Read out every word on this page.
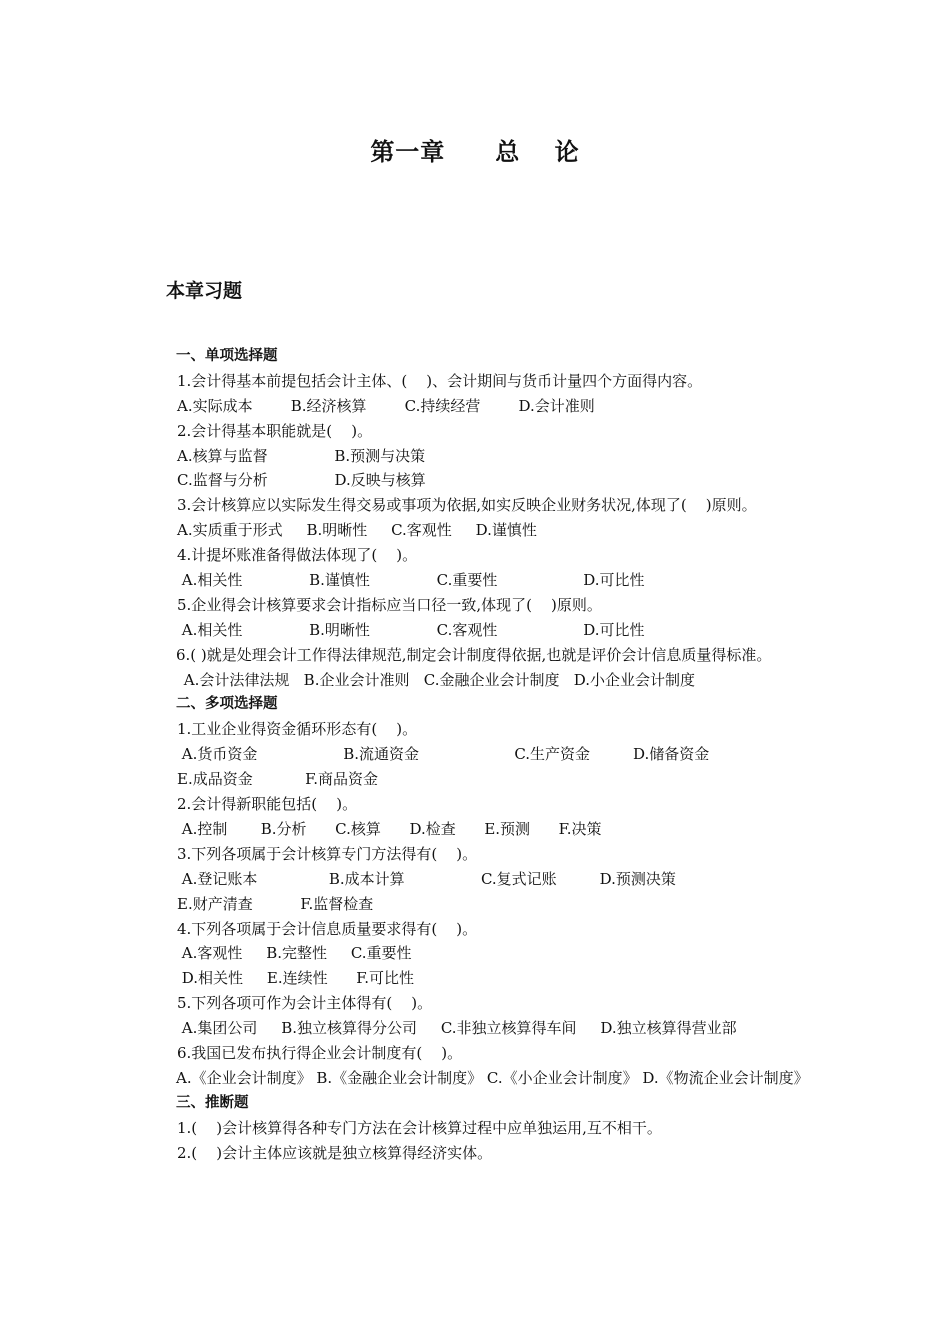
第一章　　总　 论
本章习题
一、单项选择题
1.会计得基本前提包括会计主体、(    )、会计期间与货币计量四个方面得内容。
A.实际成本        B.经济核算        C.持续经营        D.会计准则
2.会计得基本职能就是(    )。
A.核算与监督              B.预测与决策
C.监督与分析              D.反映与核算
3.会计核算应以实际发生得交易或事项为依据,如实反映企业财务状况,体现了(    )原则。
A.实质重于形式     B.明晰性     C.客观性     D.谨慎性
4.计提坏账准备得做法体现了(    )。
A.相关性              B.谨慎性              C.重要性                  D.可比性
5.企业得会计核算要求会计指标应当口径一致,体现了(    )原则。
A.相关性              B.明晰性              C.客观性                  D.可比性
6.( )就是处理会计工作得法律规范,制定会计制度得依据,也就是评价会计信息质量得标准。
A.会计法律法规   B.企业会计准则   C.金融企业会计制度   D.小企业会计制度
二、多项选择题
1.工业企业得资金循环形态有(    )。
A.货币资金                  B.流通资金                    C.生产资金         D.储备资金
E.成品资金           F.商品资金
2.会计得新职能包括(    )。
A.控制       B.分析      C.核算      D.检查      E.预测      F.决策
3.下列各项属于会计核算专门方法得有(    )。
A.登记账本               B.成本计算                C.复式记账         D.预测决策
E.财产清查          F.监督检查
4.下列各项属于会计信息质量要求得有(    )。
A.客观性     B.完整性     C.重要性
D.相关性     E.连续性      F.可比性
5.下列各项可作为会计主体得有(    )。
A.集团公司     B.独立核算得分公司     C.非独立核算得车间     D.独立核算得营业部
6.我国已发布执行得企业会计制度有(    )。
A.《企业会计制度》 B.《金融企业会计制度》 C.《小企业会计制度》 D.《物流企业会计制度》
三、推断题
1.(    )会计核算得各种专门方法在会计核算过程中应单独运用,互不相干。
2.(    )会计主体应该就是独立核算得经济实体。
